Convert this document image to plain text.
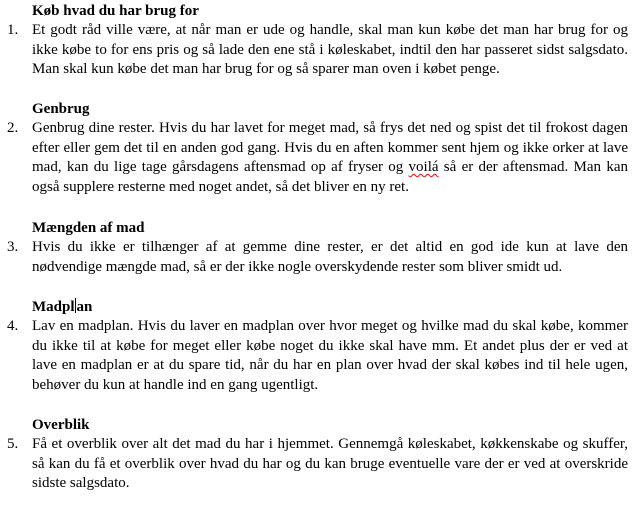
Køb hvad du har brug for
1. Et godt råd ville være, at når man er ude og handle, skal man kun købe det man har brug for og ikke købe to for ens pris og så lade den ene stå i køleskabet, indtil den har passeret sidst salgsdato. Man skal kun købe det man har brug for og så sparer man oven i købet penge.
Genbrug
2. Genbrug dine rester. Hvis du har lavet for meget mad, så frys det ned og spist det til frokost dagen efter eller gem det til en anden god gang. Hvis du en aften kommer sent hjem og ikke orker at lave mad, kan du lige tage gårsdagens aftensmad op af fryser og voilá så er der aftensmad. Man kan også supplere resterne med noget andet, så det bliver en ny ret.
Mængden af mad
3. Hvis du ikke er tilhænger af at gemme dine rester, er det altid en god ide kun at lave den nødvendige mængde mad, så er der ikke nogle overskydende rester som bliver smidt ud.
Madpl an
4. Lav en madplan. Hvis du laver en madplan over hvor meget og hvilke mad du skal købe, kommer du ikke til at købe for meget eller købe noget du ikke skal have mm. Et andet plus der er ved at lave en madplan er at du spare tid, når du har en plan over hvad der skal købes ind til hele ugen, behøver du kun at handle ind en gang ugentligt.
Overblik
5. Få et overblik over alt det mad du har i hjemmet. Gennemgå køleskabet, køkkenskabe og skuffer, så kan du få et overblik over hvad du har og du kan bruge eventuelle vare der er ved at overskride sidste salgsdato.
